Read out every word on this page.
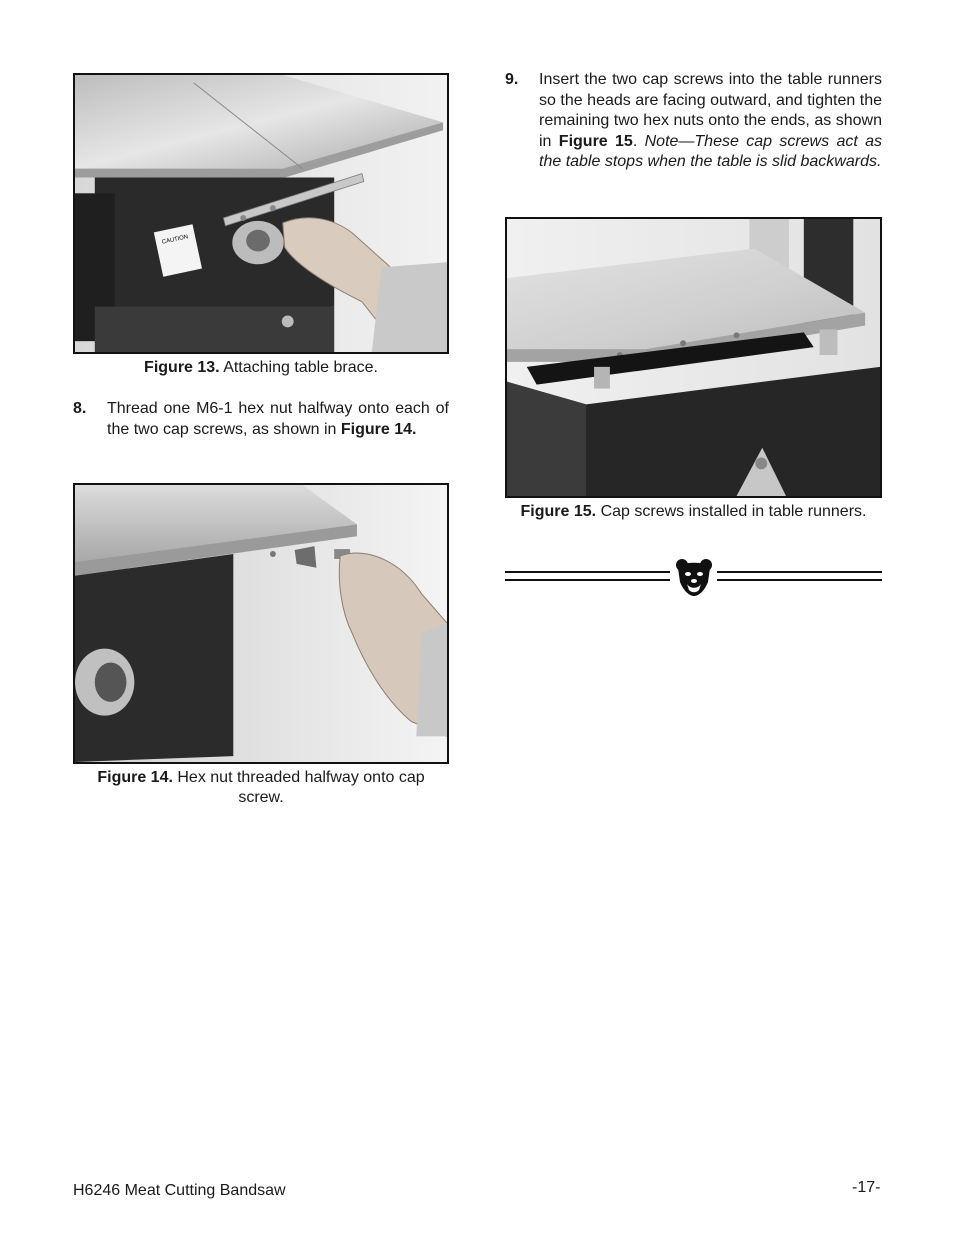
CAUTION
Figure 13. Attaching table brace.
8. Thread one M6-1 hex nut halfway onto each of the two cap screws, as shown in Figure 14.
Figure 14. Hex nut threaded halfway onto cap screw.
9. Insert the two cap screws into the table runners so the heads are facing outward, and tighten the remaining two hex nuts onto the ends, as shown in Figure 15. Note—These cap screws act as the table stops when the table is slid backwards.
Figure 15. Cap screws installed in table runners.
H6246 Meat Cutting Bandsaw	-17-
